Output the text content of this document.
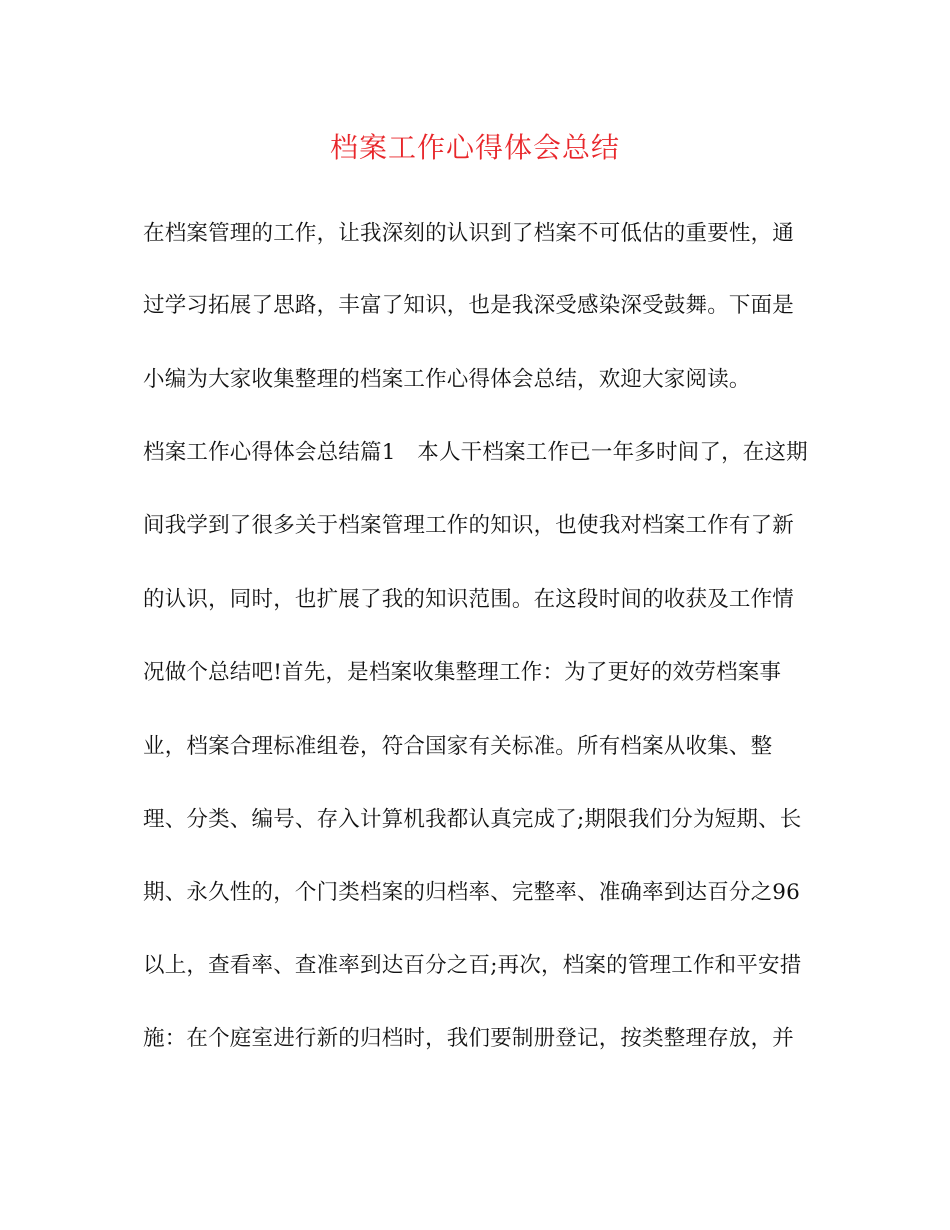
档案工作心得体会总结
在档案管理的工作，让我深刻的认识到了档案不可低估的重要性，通
过学习拓展了思路，丰富了知识，也是我深受感染深受鼓舞。下面是
小编为大家收集整理的档案工作心得体会总结，欢迎大家阅读。
档案工作心得体会总结篇1　本人干档案工作已一年多时间了，在这期
间我学到了很多关于档案管理工作的知识，也使我对档案工作有了新
的认识，同时，也扩展了我的知识范围。在这段时间的收获及工作情
况做个总结吧!首先，是档案收集整理工作：为了更好的效劳档案事
业，档案合理标准组卷，符合国家有关标准。所有档案从收集、整
理、分类、编号、存入计算机我都认真完成了;期限我们分为短期、长
期、永久性的，个门类档案的归档率、完整率、准确率到达百分之96
以上，查看率、查准率到达百分之百;再次，档案的管理工作和平安措
施：在个庭室进行新的归档时，我们要制册登记，按类整理存放，并
